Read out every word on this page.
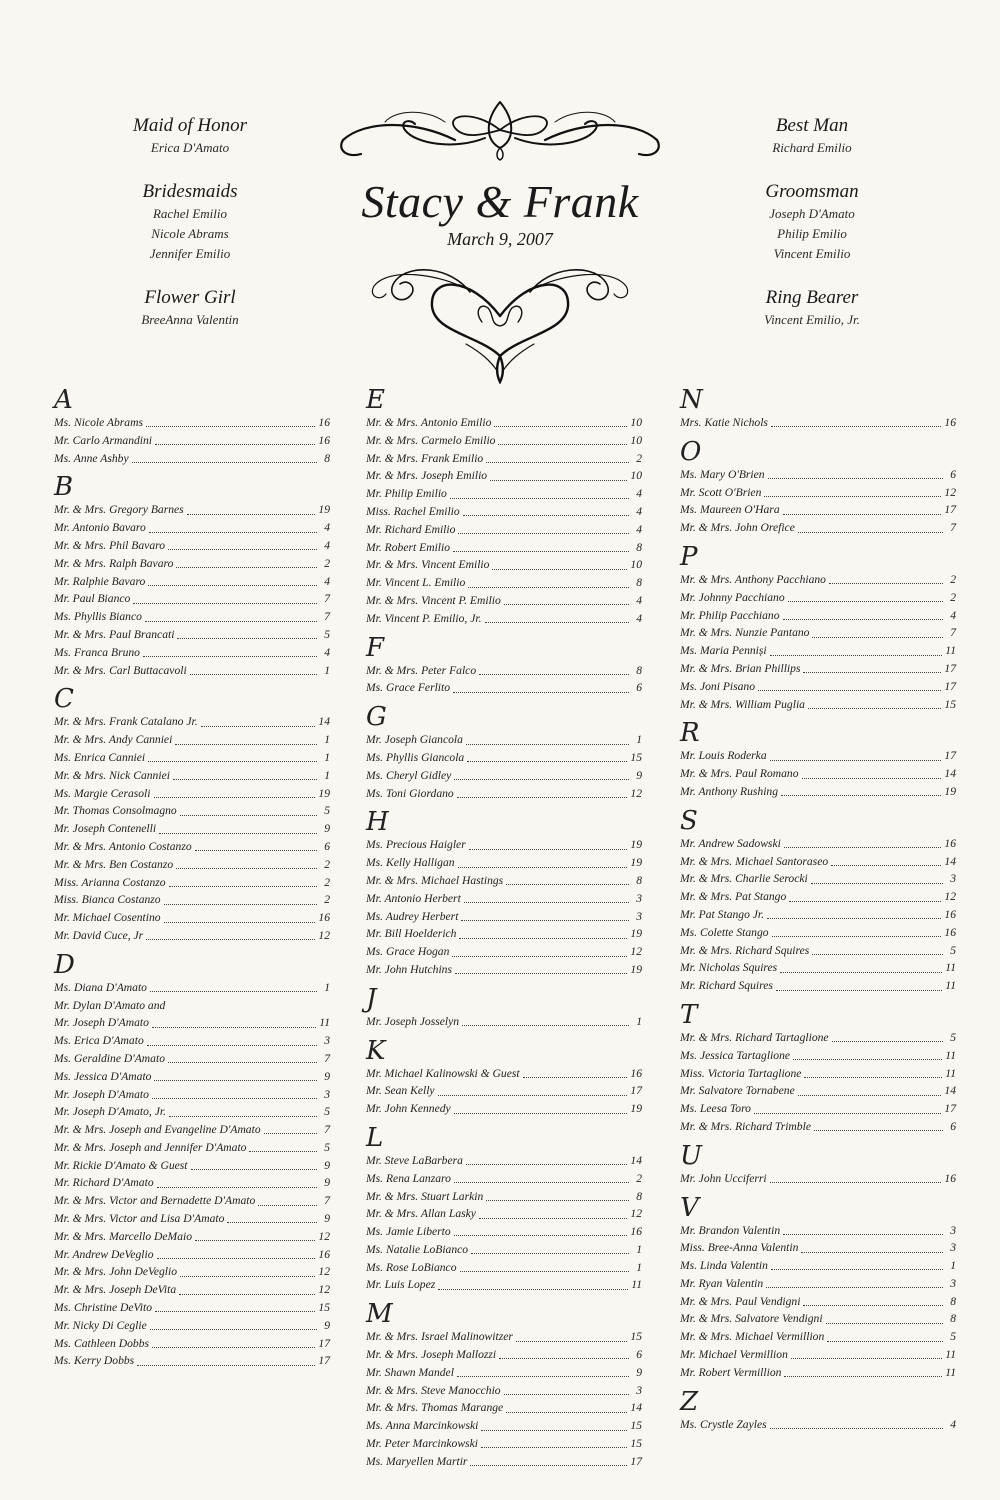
Maid of Honor
Erica D'Amato
Bridesmaids
Rachel Emilio
Nicole Abrams
Jennifer Emilio
Flower Girl
BreeAnna Valentin
Stacy & Frank
March 9, 2007
Best Man
Richard Emilio
Groomsman
Joseph D'Amato
Philip Emilio
Vincent Emilio
Ring Bearer
Vincent Emilio, Jr.
A
Ms. Nicole Abrams	16
Mr. Carlo Armandini	16
Ms. Anne Ashby	8
B
Mr. & Mrs. Gregory Barnes	19
Mr. Antonio Bavaro	4
Mr. & Mrs. Phil Bavaro	4
Mr. & Mrs. Ralph Bavaro	2
Mr. Ralphie Bavaro	4
Mr. Paul Bianco	7
Ms. Phyllis Bianco	7
Mr. & Mrs. Paul Brancati	5
Ms. Franca Bruno	4
Mr. & Mrs. Carl Buttacavoli	1
C
Mr. & Mrs. Frank Catalano Jr.	14
Mr. & Mrs. Andy Canniei	1
Ms. Enrica Canniei	1
Mr. & Mrs. Nick Canniei	1
Ms. Margie Cerasoli	19
Mr. Thomas Consolmagno	5
Mr. Joseph Contenelli	9
Mr. & Mrs. Antonio Costanzo	6
Mr. & Mrs. Ben Costanzo	2
Miss. Arianna Costanzo	2
Miss. Bianca Costanzo	2
Mr. Michael Cosentino	16
Mr. David Cuce, Jr	12
D
Ms. Diana D'Amato	1
Mr. Dylan D'Amato and
Mr. Joseph D'Amato	11
Ms. Erica D'Amato	3
Ms. Geraldine D'Amato	7
Ms. Jessica D'Amato	9
Mr. Joseph D'Amato	3
Mr. Joseph D'Amato, Jr.	5
Mr. & Mrs. Joseph and Evangeline D'Amato	7
Mr. & Mrs. Joseph and Jennifer D'Amato	5
Mr. Rickie D'Amato & Guest	9
Mr. Richard D'Amato	9
Mr. & Mrs. Victor and Bernadette D'Amato	7
Mr. & Mrs. Victor and Lisa D'Amato	9
Mr. & Mrs. Marcello DeMaio	12
Mr. Andrew DeVeglio	16
Mr. & Mrs. John DeVeglio	12
Mr. & Mrs. Joseph DeVita	12
Ms. Christine DeVito	15
Mr. Nicky Di Ceglie	9
Ms. Cathleen Dobbs	17
Ms. Kerry Dobbs	17
E
Mr. & Mrs. Antonio Emilio	10
Mr. & Mrs. Carmelo Emilio	10
Mr. & Mrs. Frank Emilio	2
Mr. & Mrs. Joseph Emilio	10
Mr. Philip Emilio	4
Miss. Rachel Emilio	4
Mr. Richard Emilio	4
Mr. Robert Emilio	8
Mr. & Mrs. Vincent Emilio	10
Mr. Vincent L. Emilio	8
Mr. & Mrs. Vincent P. Emilio	4
Mr. Vincent P. Emilio, Jr.	4
F
Mr. & Mrs. Peter Falco	8
Ms. Grace Ferlito	6
G
Mr. Joseph Giancola	1
Ms. Phyllis Giancola	15
Ms. Cheryl Gidley	9
Ms. Toni Giordano	12
H
Ms. Precious Haigler	19
Ms. Kelly Halligan	19
Mr. & Mrs. Michael Hastings	8
Mr. Antonio Herbert	3
Ms. Audrey Herbert	3
Mr. Bill Hoelderich	19
Ms. Grace Hogan	12
Mr. John Hutchins	19
J
Mr. Joseph Josselyn	1
K
Mr. Michael Kalinowski & Guest	16
Mr. Sean Kelly	17
Mr. John Kennedy	19
L
Mr. Steve LaBarbera	14
Ms. Rena Lanzaro	2
Mr. & Mrs. Stuart Larkin	8
Mr. & Mrs. Allan Lasky	12
Ms. Jamie Liberto	16
Ms. Natalie LoBianco	1
Ms. Rose LoBianco	1
Mr. Luis Lopez	11
M
Mr. & Mrs. Israel Malinowitzer	15
Mr. & Mrs. Joseph Mallozzi	6
Mr. Shawn Mandel	9
Mr. & Mrs. Steve Manocchio	3
Mr. & Mrs. Thomas Marange	14
Ms. Anna Marcinkowski	15
Mr. Peter Marcinkowski	15
Ms. Maryellen Martir	17
N
Mrs. Katie Nichols	16
O
Ms. Mary O'Brien	6
Mr. Scott O'Brien	12
Ms. Maureen O'Hara	17
Mr. & Mrs. John Orefice	7
P
Mr. & Mrs. Anthony Pacchiano	2
Mr. Johnny Pacchiano	2
Mr. Philip Pacchiano	4
Mr. & Mrs. Nunzie Pantano	7
Ms. Maria Penniși	11
Mr. & Mrs. Brian Phillips	17
Ms. Joni Pisano	17
Mr. & Mrs. William Puglia	15
R
Mr. Louis Roderka	17
Mr. & Mrs. Paul Romano	14
Mr. Anthony Rushing	19
S
Mr. Andrew Sadowski	16
Mr. & Mrs. Michael Santoraseo	14
Mr. & Mrs. Charlie Serocki	3
Mr. & Mrs. Pat Stango	12
Mr. Pat Stango Jr.	16
Ms. Colette Stango	16
Mr. & Mrs. Richard Squires	5
Mr. Nicholas Squires	11
Mr. Richard Squires	11
T
Mr. & Mrs. Richard Tartaglione	5
Ms. Jessica Tartaglione	11
Miss. Victoria Tartaglione	11
Mr. Salvatore Tornabene	14
Ms. Leesa Toro	17
Mr. & Mrs. Richard Trimble	6
U
Mr. John Ucciferri	16
V
Mr. Brandon Valentin	3
Miss. Bree-Anna Valentin	3
Ms. Linda Valentin	1
Mr. Ryan Valentin	3
Mr. & Mrs. Paul Vendigni	8
Mr. & Mrs. Salvatore Vendigni	8
Mr. & Mrs. Michael Vermillion	5
Mr. Michael Vermillion	11
Mr. Robert Vermillion	11
Z
Ms. Crystle Zayles	4
